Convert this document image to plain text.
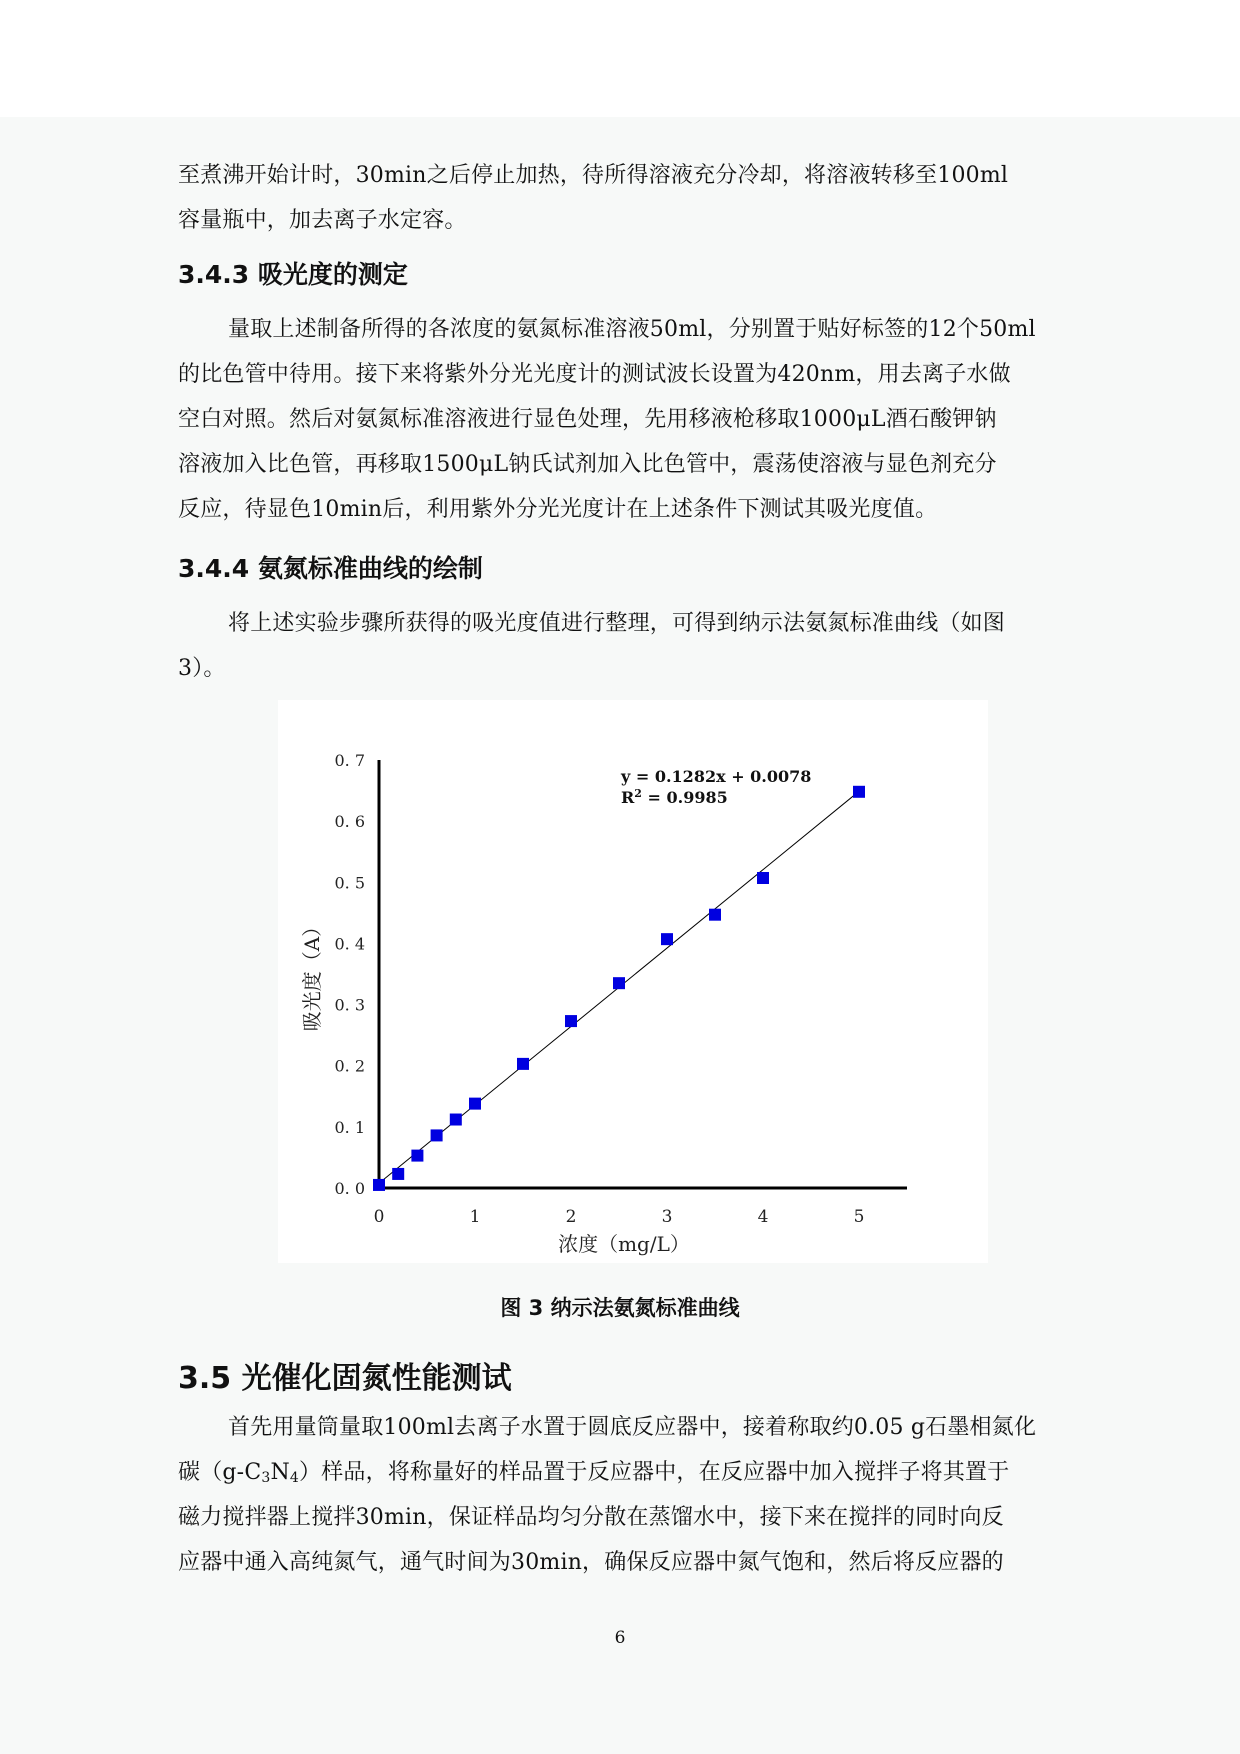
至煮沸开始计时，30min之后停止加热，待所得溶液充分冷却，将溶液转移至100ml
容量瓶中，加去离子水定容。
3.4.3 吸光度的测定
量取上述制备所得的各浓度的氨氮标准溶液50ml，分别置于贴好标签的12个50ml
的比色管中待用。接下来将紫外分光光度计的测试波长设置为420nm，用去离子水做
空白对照。然后对氨氮标准溶液进行显色处理，先用移液枪移取1000μL酒石酸钾钠
溶液加入比色管，再移取1500μL钠氏试剂加入比色管中，震荡使溶液与显色剂充分
反应，待显色10min后，利用紫外分光光度计在上述条件下测试其吸光度值。
3.4.4 氨氮标准曲线的绘制
将上述实验步骤所获得的吸光度值进行整理，可得到纳示法氨氮标准曲线（如图
3）。
0. 0
0. 1
0. 2
0. 3
0. 4
0. 5
0. 6
0. 7
0	1	2	3	4	5
浓度（mg/L）
吸光度（A）
y = 0.1282x + 0.0078
$R^2 = 0.9985$
图 3 纳示法氨氮标准曲线
3.5 光催化固氮性能测试
首先用量筒量取100ml去离子水置于圆底反应器中，接着称取约0.05 g石墨相氮化
碳$(g-C_3N_4)$样品，将称量好的样品置于反应器中，在反应器中加入搅拌子将其置于
磁力搅拌器上搅拌30min，保证样品均匀分散在蒸馏水中，接下来在搅拌的同时向反
应器中通入高纯氮气，通气时间为30min，确保反应器中氮气饱和，然后将反应器的
6
